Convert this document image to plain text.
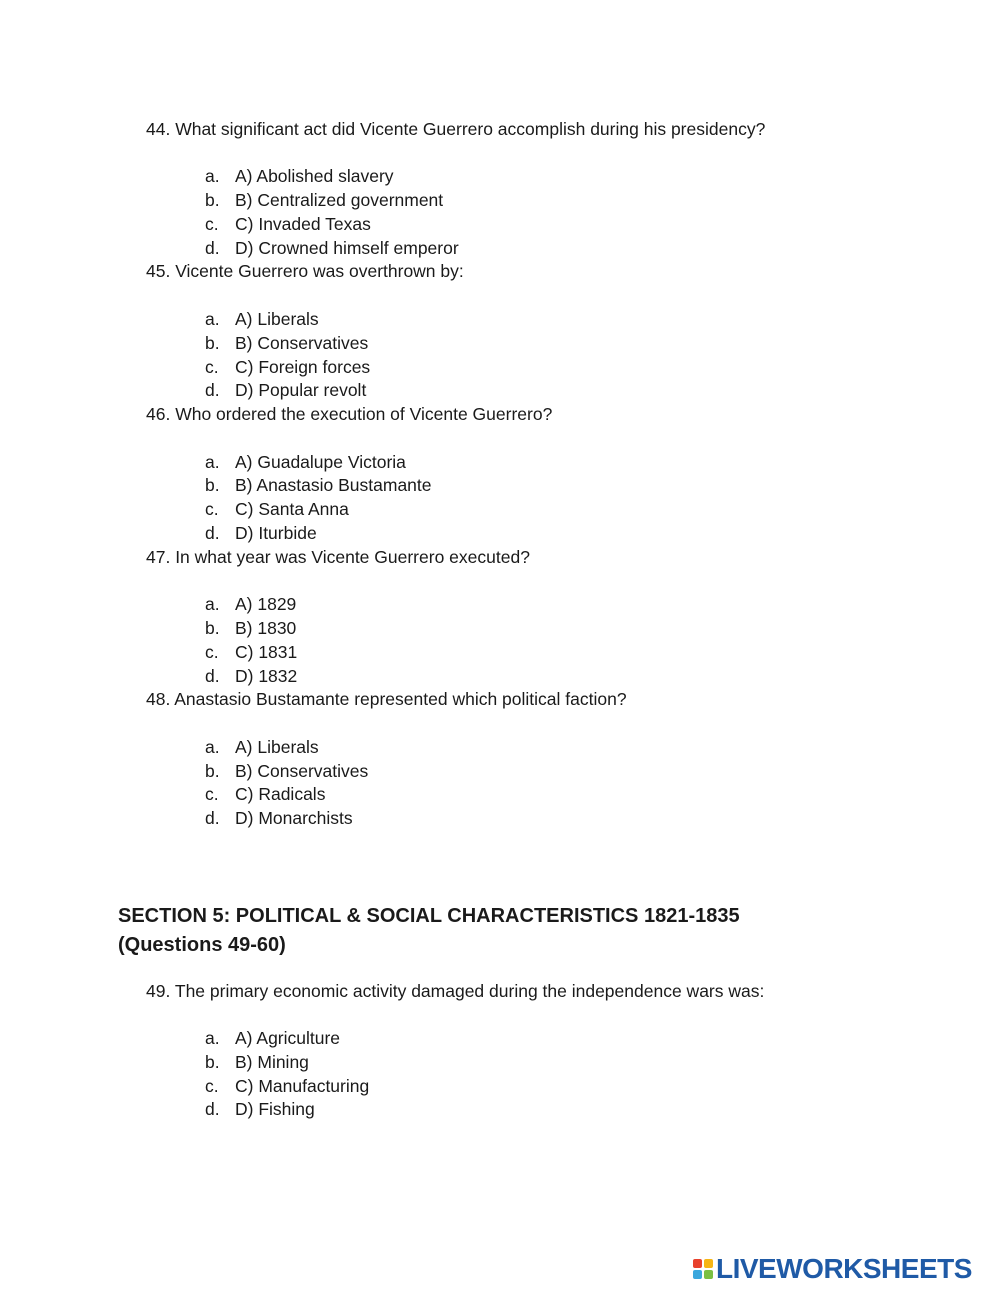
44. What significant act did Vicente Guerrero accomplish during his presidency?
a. A) Abolished slavery
b. B) Centralized government
c. C) Invaded Texas
d. D) Crowned himself emperor
45. Vicente Guerrero was overthrown by:
a. A) Liberals
b. B) Conservatives
c. C) Foreign forces
d. D) Popular revolt
46. Who ordered the execution of Vicente Guerrero?
a. A) Guadalupe Victoria
b. B) Anastasio Bustamante
c. C) Santa Anna
d. D) Iturbide
47. In what year was Vicente Guerrero executed?
a. A) 1829
b. B) 1830
c. C) 1831
d. D) 1832
48. Anastasio Bustamante represented which political faction?
a. A) Liberals
b. B) Conservatives
c. C) Radicals
d. D) Monarchists
SECTION 5: POLITICAL & SOCIAL CHARACTERISTICS 1821-1835
(Questions 49-60)
49. The primary economic activity damaged during the independence wars was:
a. A) Agriculture
b. B) Mining
c. C) Manufacturing
d. D) Fishing
LIVEWORKSHEETS
